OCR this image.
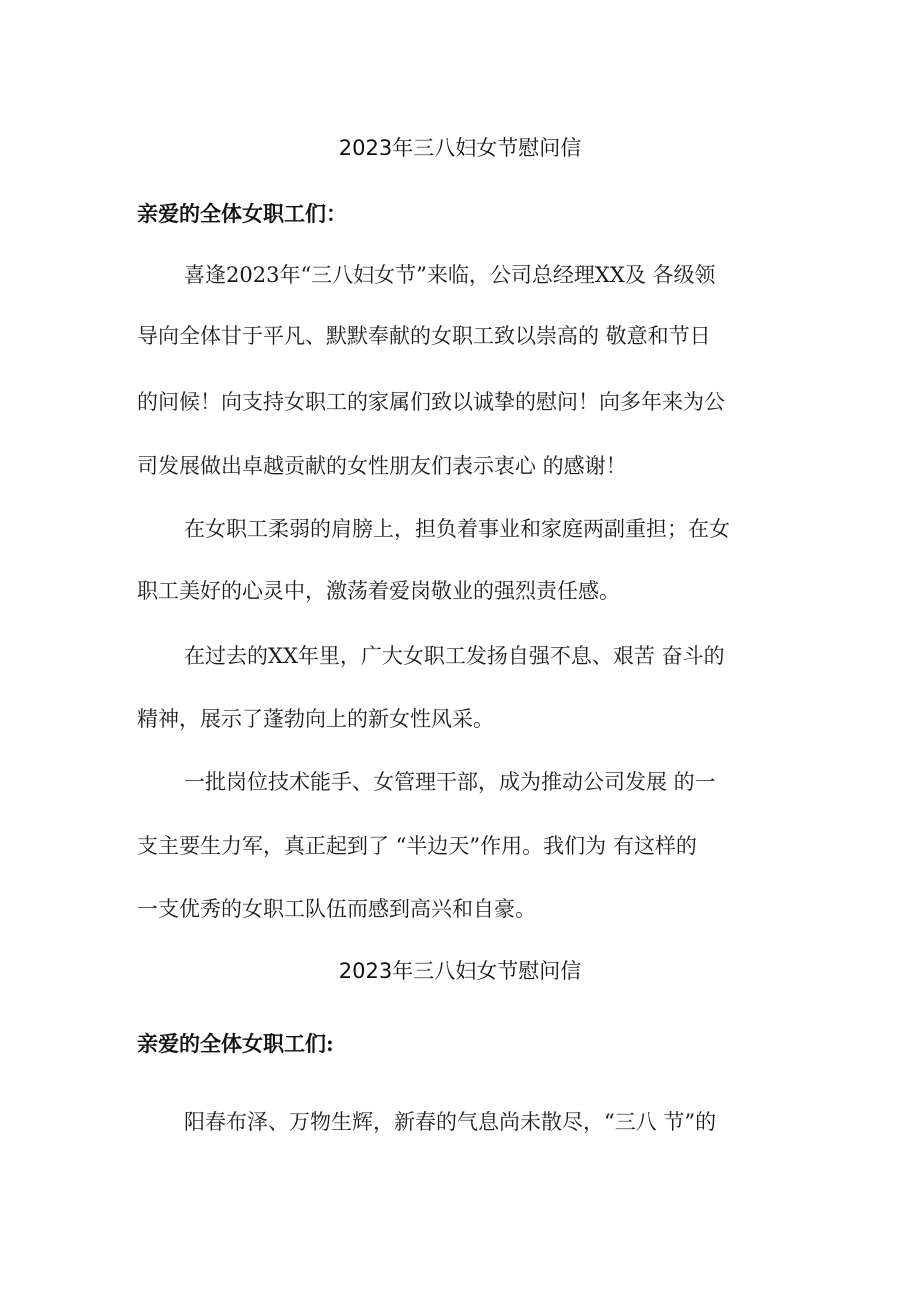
2023年三八妇女节慰问信
亲爱的全体女职工们：
喜逢2023年“三八妇女节”来临，公司总经理XX及 各级领
导向全体甘于平凡、默默奉献的女职工致以崇高的 敬意和节日
的问候！向支持女职工的家属们致以诚挚的慰问！向多年来为公
司发展做出卓越贡献的女性朋友们表示衷心 的感谢！
在女职工柔弱的肩膀上，担负着事业和家庭两副重担；在女
职工美好的心灵中，激荡着爱岗敬业的强烈责任感。
在过去的XX年里，广大女职工发扬自强不息、艰苦 奋斗的
精神，展示了蓬勃向上的新女性风采。
一批岗位技术能手、女管理干部，成为推动公司发展 的一
支主要生力军，真正起到了 “半边天”作用。我们为 有这样的
一支优秀的女职工队伍而感到高兴和自豪。
2023年三八妇女节慰问信
亲爱的全体女职工们:
阳春布泽、万物生辉，新春的气息尚未散尽，“三八 节”的
